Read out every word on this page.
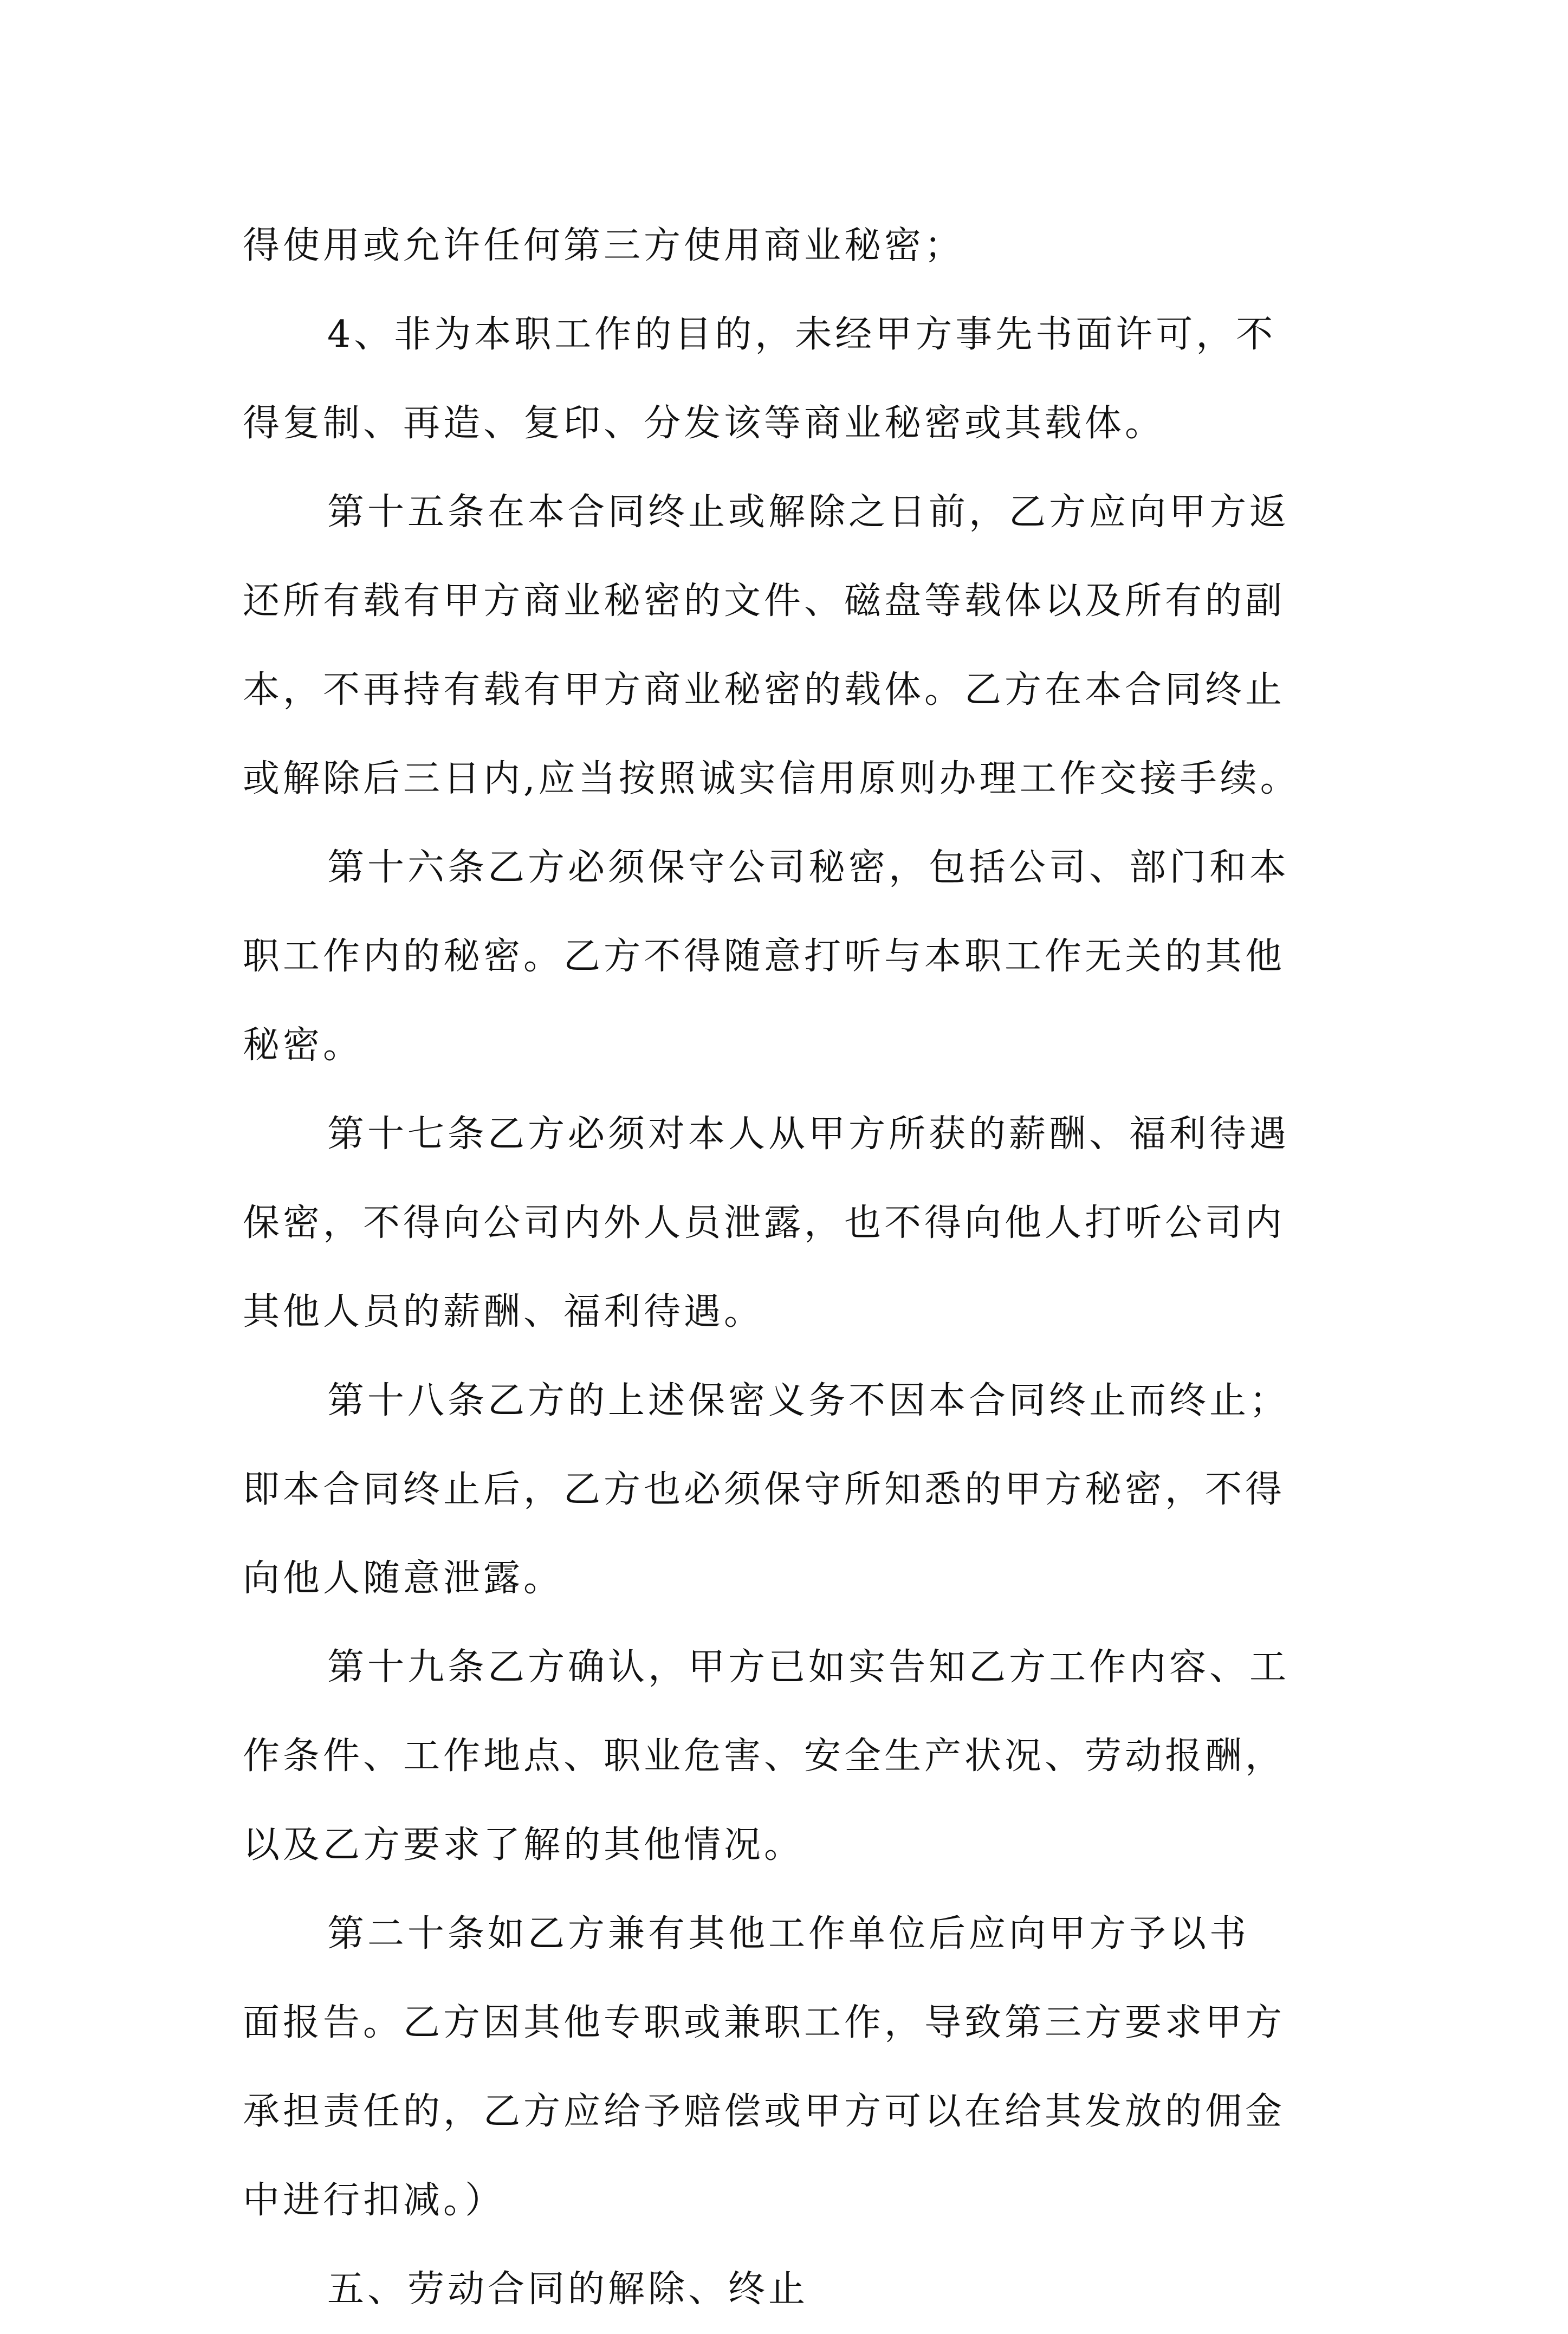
得使用或允许任何第三方使用商业秘密；
4、非为本职工作的目的，未经甲方事先书面许可，不
得复制、再造、复印、分发该等商业秘密或其载体。
第十五条在本合同终止或解除之日前，乙方应向甲方返
还所有载有甲方商业秘密的文件、磁盘等载体以及所有的副
本，不再持有载有甲方商业秘密的载体。乙方在本合同终止
或解除后三日内,应当按照诚实信用原则办理工作交接手续。
第十六条乙方必须保守公司秘密，包括公司、部门和本
职工作内的秘密。乙方不得随意打听与本职工作无关的其他
秘密。
第十七条乙方必须对本人从甲方所获的薪酬、福利待遇
保密，不得向公司内外人员泄露，也不得向他人打听公司内
其他人员的薪酬、福利待遇。
第十八条乙方的上述保密义务不因本合同终止而终止；
即本合同终止后，乙方也必须保守所知悉的甲方秘密，不得
向他人随意泄露。
第十九条乙方确认，甲方已如实告知乙方工作内容、工
作条件、工作地点、职业危害、安全生产状况、劳动报酬，
以及乙方要求了解的其他情况。
第二十条如乙方兼有其他工作单位后应向甲方予以书
面报告。乙方因其他专职或兼职工作，导致第三方要求甲方
承担责任的，乙方应给予赔偿或甲方可以在给其发放的佣金
中进行扣减。）
五、劳动合同的解除、终止
